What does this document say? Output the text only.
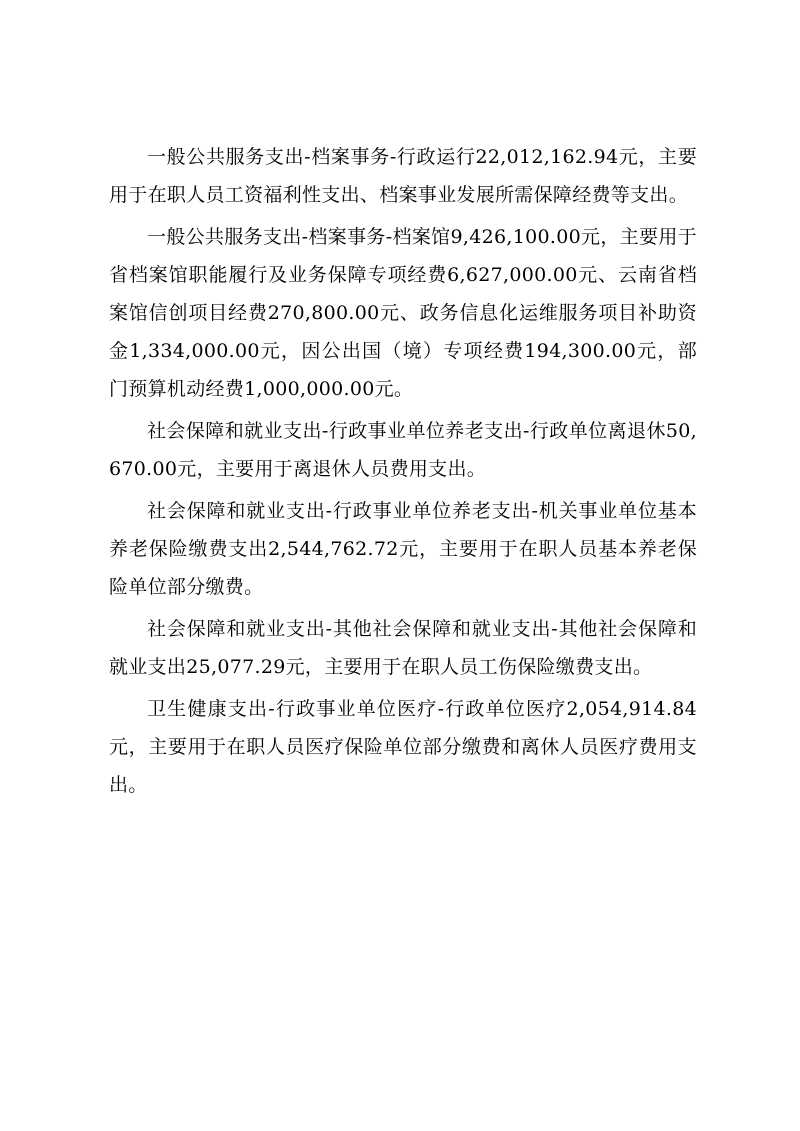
一般公共服务支出-档案事务-行政运行22,012,162.94元，主要用于在职人员工资福利性支出、档案事业发展所需保障经费等支出。

一般公共服务支出-档案事务-档案馆9,426,100.00元，主要用于省档案馆职能履行及业务保障专项经费6,627,000.00元、云南省档案馆信创项目经费270,800.00元、政务信息化运维服务项目补助资金1,334,000.00元，因公出国（境）专项经费194,300.00元，部门预算机动经费1,000,000.00元。

社会保障和就业支出-行政事业单位养老支出-行政单位离退休50,670.00元，主要用于离退休人员费用支出。

社会保障和就业支出-行政事业单位养老支出-机关事业单位基本养老保险缴费支出2,544,762.72元，主要用于在职人员基本养老保险单位部分缴费。

社会保障和就业支出-其他社会保障和就业支出-其他社会保障和就业支出25,077.29元，主要用于在职人员工伤保险缴费支出。

卫生健康支出-行政事业单位医疗-行政单位医疗2,054,914.84元，主要用于在职人员医疗保险单位部分缴费和离休人员医疗费用支出。
